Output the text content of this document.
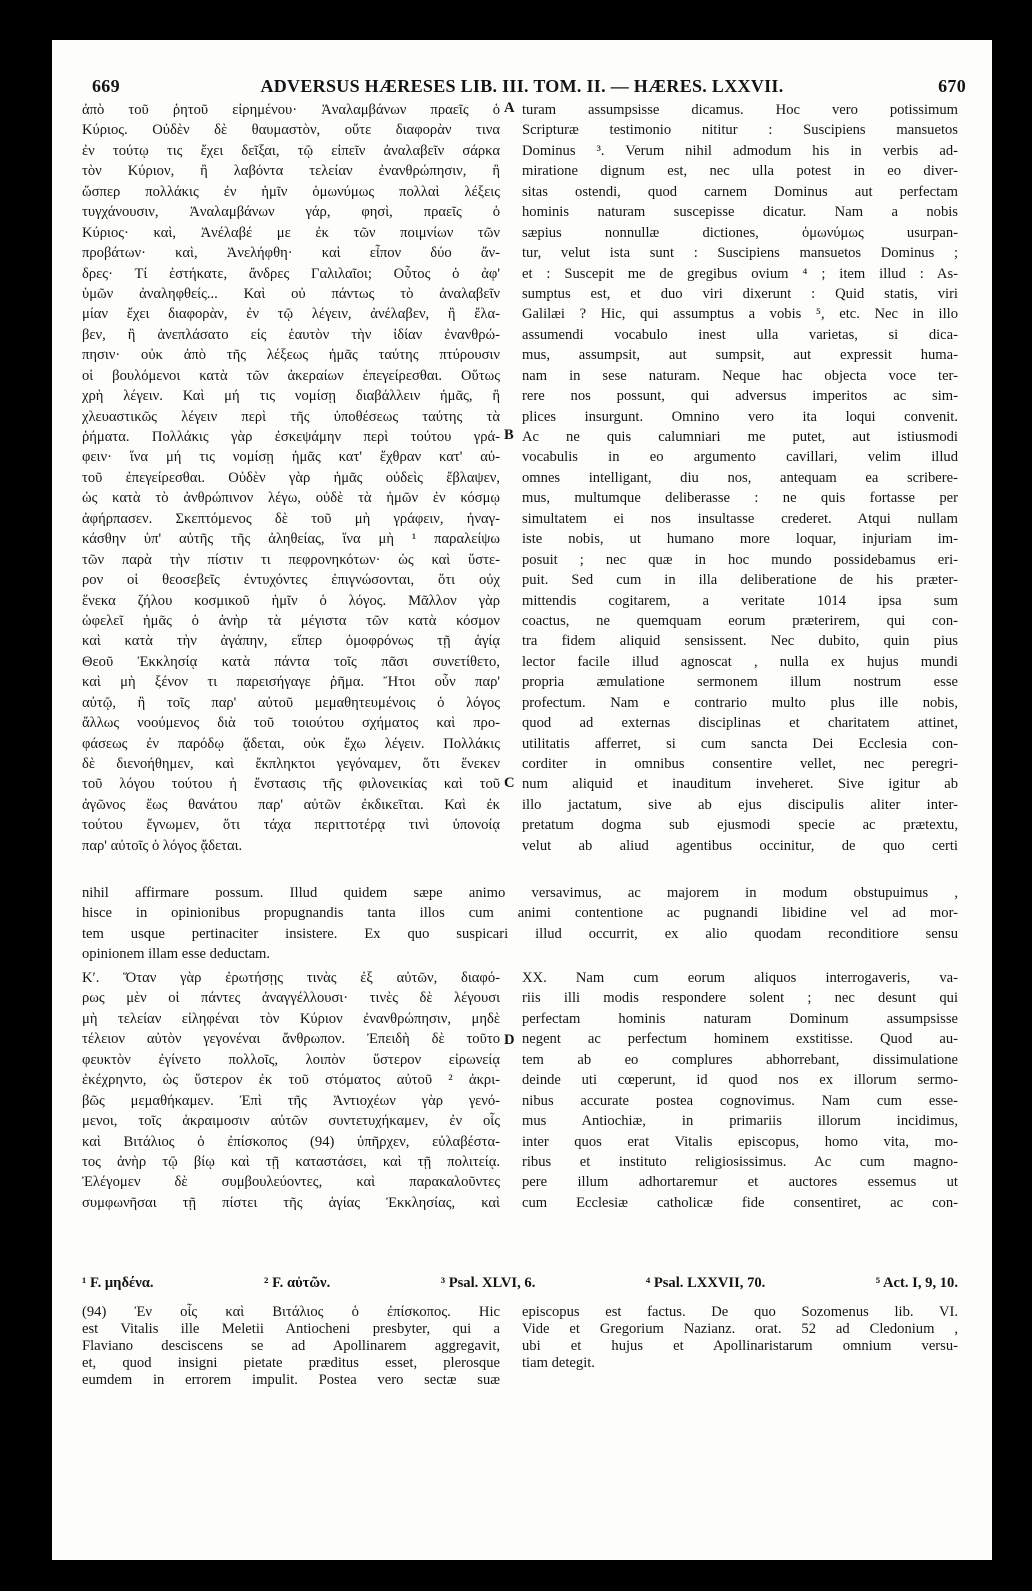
ADVERSUS HÆRESES LIB. III. TOM. II. — HÆRES. LXXVII.
669	670
ἀπὸ τοῦ ῥητοῦ εἰρημένου· Ἀναλαμβάνων πραεῖς ὁ
Κύριος. Οὐδὲν δὲ θαυμαστὸν, οὔτε διαφορὰν τινα
ἐν τούτῳ τις ἔχει δεῖξαι, τῷ εἰπεῖν ἀναλαβεῖν σάρκα
τὸν Κύριον, ἢ λαβόντα τελείαν ἐνανθρώπησιν, ἢ
ὥσπερ πολλάκις ἐν ἡμῖν ὁμωνύμως πολλαὶ λέξεις
τυγχάνουσιν, Ἀναλαμβάνων γάρ, φησὶ, πραεῖς ὁ
Κύριος· καὶ, Ἀνέλαβέ με ἐκ τῶν ποιμνίων τῶν
προβάτων· καὶ, Ἀνελήφθη· καὶ εἶπον δύο ἄν-
δρες· Τί ἑστήκατε, ἄνδρες Γαλιλαῖοι; Οὗτος ὁ ἀφ'
ὑμῶν ἀναληφθείς... Καὶ οὐ πάντως τὸ ἀναλαβεῖν
μίαν ἔχει διαφορὰν, ἐν τῷ λέγειν, ἀνέλαβεν, ἢ ἔλα-
βεν, ἢ ἀνεπλάσατο εἰς ἑαυτὸν τὴν ἰδίαν ἐνανθρώ-
πησιν· οὐκ ἀπὸ τῆς λέξεως ἡμᾶς ταύτης πτύρουσιν
οἱ βουλόμενοι κατὰ τῶν ἀκεραίων ἐπεγείρεσθαι. Οὕτως
χρὴ λέγειν. Καὶ μή τις νομίσῃ διαβάλλειν ἡμᾶς, ἢ
χλευαστικῶς λέγειν περὶ τῆς ὑποθέσεως ταύτης τὰ
ῥήματα. Πολλάκις γὰρ ἐσκεψάμην περὶ τούτου γρά-
φειν· ἵνα μή τις νομίσῃ ἡμᾶς κατ' ἔχθραν κατ' αὐ-
τοῦ ἐπεγείρεσθαι. Οὐδὲν γὰρ ἡμᾶς οὐδεὶς ἔβλαψεν,
ὡς κατὰ τὸ ἀνθρώπινον λέγω, οὐδὲ τὰ ἡμῶν ἐν κόσμῳ
ἀφήρπασεν. Σκεπτόμενος δὲ τοῦ μὴ γράφειν, ἠναγ-
κάσθην ὑπ' αὐτῆς τῆς ἀληθείας, ἵνα μὴ ¹ παραλείψω
τῶν παρὰ τὴν πίστιν τι πεφρονηκότων· ὡς καὶ ὕστε-
ρον οἱ θεοσεβεῖς ἐντυχόντες ἐπιγνώσονται, ὅτι οὐχ
ἕνεκα ζήλου κοσμικοῦ ἡμῖν ὁ λόγος. Μᾶλλον γὰρ
ὠφελεῖ ἡμᾶς ὁ ἀνὴρ τὰ μέγιστα τῶν κατὰ κόσμον
καὶ κατὰ τὴν ἀγάπην, εἴπερ ὁμοφρόνως τῇ ἁγίᾳ
Θεοῦ Ἐκκλησίᾳ κατὰ πάντα τοῖς πᾶσι συνετίθετο,
καὶ μὴ ξένον τι παρεισήγαγε ῥῆμα. Ἤτοι οὖν παρ'
αὐτῷ, ἢ τοῖς παρ' αὐτοῦ μεμαθητευμένοις ὁ λόγος
ἄλλως νοούμενος διὰ τοῦ τοιούτου σχήματος καὶ προ-
φάσεως ἐν παρόδῳ ᾄδεται, οὐκ ἔχω λέγειν. Πολλάκις
δὲ διενοήθημεν, καὶ ἔκπληκτοι γεγόναμεν, ὅτι ἕνεκεν
τοῦ λόγου τούτου ἡ ἔνστασις τῆς φιλονεικίας καὶ τοῦ
ἀγῶνος ἕως θανάτου παρ' αὐτῶν ἐκδικεῖται. Καὶ ἐκ
τούτου ἔγνωμεν, ὅτι τάχα περιττοτέρᾳ τινὶ ὑπονοίᾳ
παρ' αὐτοῖς ὁ λόγος ᾄδεται.
turam assumpsisse dicamus. Hoc vero potissimum
Scripturæ testimonio nititur : Suscipiens mansuetos
Dominus ³. Verum nihil admodum his in verbis ad-
miratione dignum est, nec ulla potest in eo diver-
sitas ostendi, quod carnem Dominus aut perfectam
hominis naturam suscepisse dicatur. Nam a nobis
sæpius nonnullæ dictiones, ὁμωνύμως usurpan-
tur, velut ista sunt : Suscipiens mansuetos Dominus ;
et : Suscepit me de gregibus ovium ⁴ ; item illud : As-
sumptus est, et duo viri dixerunt : Quid statis, viri
Galilæi ? Hic, qui assumptus a vobis ⁵, etc. Nec in illo
assumendi vocabulo inest ulla varietas, si dica-
mus, assumpsit, aut sumpsit, aut expressit huma-
nam in sese naturam. Neque hac objecta voce ter-
rere nos possunt, qui adversus imperitos ac sim-
plices insurgunt. Omnino vero ita loqui convenit.
Ac ne quis calumniari me putet, aut istiusmodi
vocabulis in eo argumento cavillari, velim illud
omnes intelligant, diu nos, antequam ea scribere-
mus, multumque deliberasse : ne quis fortasse per
simultatem ei nos insultasse crederet. Atqui nullam
iste nobis, ut humano more loquar, injuriam im-
posuit ; nec quæ in hoc mundo possidebamus eri-
puit. Sed cum in illa deliberatione de his præter-
mittendis cogitarem, a veritate 1014 ipsa sum
coactus, ne quemquam eorum præterirem, qui con-
tra fidem aliquid sensissent. Nec dubito, quin pius
lector facile illud agnoscat , nulla ex hujus mundi
propria æmulatione sermonem illum nostrum esse
profectum. Nam e contrario multo plus ille nobis,
quod ad externas disciplinas et charitatem attinet,
utilitatis afferret, si cum sancta Dei Ecclesia con-
corditer in omnibus consentire vellet, nec peregri-
num aliquid et inauditum inveheret. Sive igitur ab
illo jactatum, sive ab ejus discipulis aliter inter-
pretatum dogma sub ejusmodi specie ac prætextu,
velut ab aliud agentibus occinitur, de quo certi
A
B
C
D
nihil affirmare possum. Illud quidem sæpe animo versavimus, ac majorem in modum obstupuimus ,
hisce in opinionibus propugnandis tanta illos cum animi contentione ac pugnandi libidine vel ad mor-
tem usque pertinaciter insistere. Ex quo suspicari illud occurrit, ex alio quodam reconditiore sensu
opinionem illam esse deductam.
Κʹ. Ὅταν γὰρ ἐρωτήσῃς τινὰς ἐξ αὐτῶν, διαφό-
ρως μὲν οἱ πάντες ἀναγγέλλουσι· τινὲς δὲ λέγουσι
μὴ τελείαν εἰληφέναι τὸν Κύριον ἐνανθρώπησιν, μηδὲ
τέλειον αὐτὸν γεγονέναι ἄνθρωπον. Ἐπειδὴ δὲ τοῦτο
φευκτὸν ἐγίνετο πολλοῖς, λοιπὸν ὕστερον εἰρωνείᾳ
ἐκέχρηντο, ὡς ὕστερον ἐκ τοῦ στόματος αὐτοῦ ² ἀκρι-
βῶς μεμαθήκαμεν. Ἐπὶ τῆς Ἀντιοχέων γὰρ γενό-
μενοι, τοῖς ἀκραιμοσιν αὐτῶν συντετυχήκαμεν, ἐν οἷς
καὶ Βιτάλιος ὁ ἐπίσκοπος (94) ὑπῆρχεν, εὐλαβέστα-
τος ἀνὴρ τῷ βίῳ καὶ τῇ καταστάσει, καὶ τῇ πολιτείᾳ.
Ἐλέγομεν δὲ συμβουλεύοντες, καὶ παρακαλοῦντες
συμφωνῆσαι τῇ πίστει τῆς ἁγίας Ἐκκλησίας, καὶ
XX. Nam cum eorum aliquos interrogaveris, va-
riis illi modis respondere solent ; nec desunt qui
perfectam hominis naturam Dominum assumpsisse
negent ac perfectum hominem exstitisse. Quod au-
tem ab eo complures abhorrebant, dissimulatione
deinde uti cœperunt, id quod nos ex illorum sermo-
nibus accurate postea cognovimus. Nam cum esse-
mus Antiochiæ, in primariis illorum incidimus,
inter quos erat Vitalis episcopus, homo vita, mo-
ribus et instituto religiosissimus. Ac cum magno-
pere illum adhortaremur et auctores essemus ut
cum Ecclesiæ catholicæ fide consentiret, ac con-
¹ F. μηδένα.	² F. αὐτῶν.	³ Psal. XLVI, 6.	⁴ Psal. LXXVII, 70.	⁵ Act. I, 9, 10.
(94) Ἐν οἷς καὶ Βιτάλιος ὁ ἐπίσκοπος. Hic
est Vitalis ille Meletii Antiocheni presbyter, qui a
Flaviano desciscens se ad Apollinarem aggregavit,
et, quod insigni pietate præditus esset, plerosque
eumdem in errorem impulit. Postea vero sectæ suæ
episcopus est factus. De quo Sozomenus lib. VI.
Vide et Gregorium Nazianz. orat. 52 ad Cledonium ,
ubi et hujus et Apollinaristarum omnium versu-
tiam detegit.
